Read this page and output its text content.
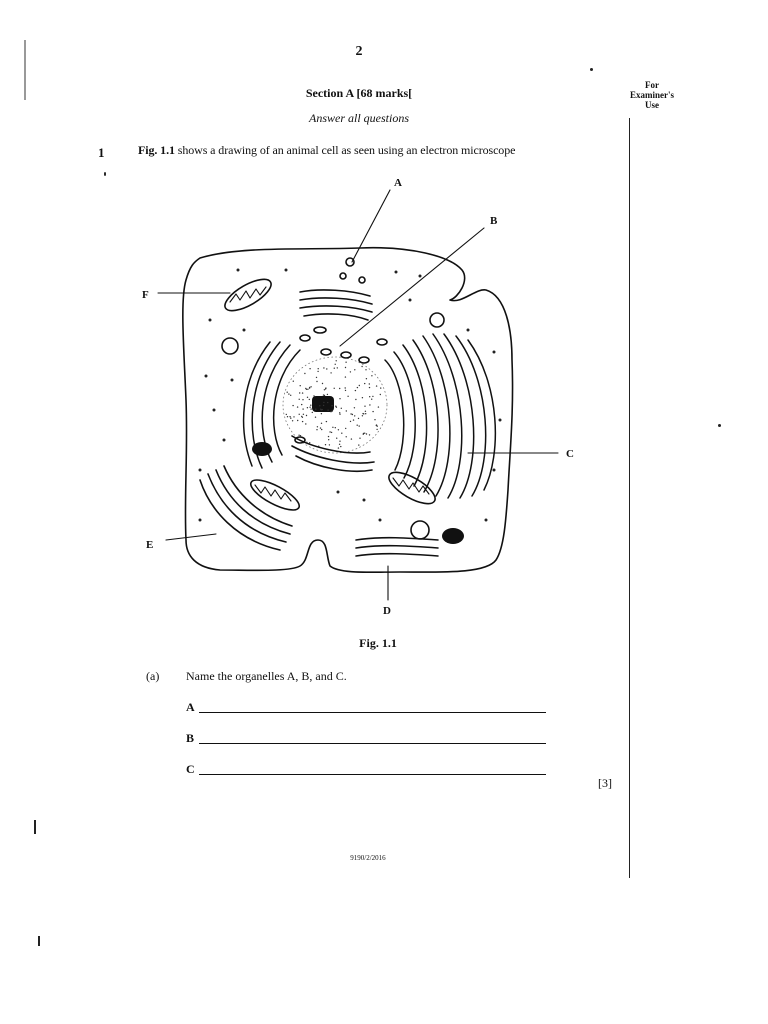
2
Section A [68 marks[
Answer all questions
For
Examiner's
Use
1	Fig. 1.1 shows a drawing of an animal cell as seen using an electron microscope
A
B
C
D
E
F
Fig. 1.1
(a) Name the organelles A, B, and C.
A
B
C
[3]
9190/2/2016
